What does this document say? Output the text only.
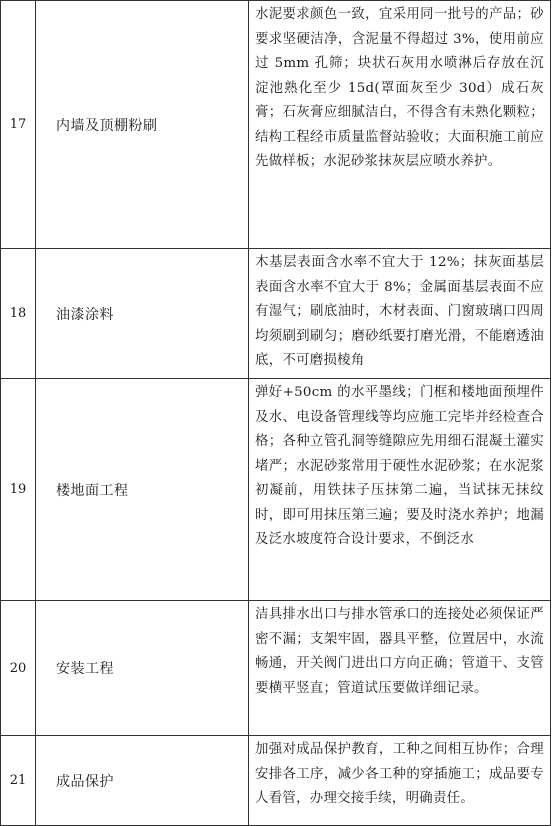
17	内墙及顶棚粉刷	水泥要求颜色一致，宜采用同一批号的产品；砂要求坚硬洁净，含泥量不得超过 3%，使用前应过 5mm 孔筛；块状石灰用水喷淋后存放在沉淀池熟化至少 15d(罩面灰至少 30d）成石灰膏；石灰膏应细腻洁白，不得含有未熟化颗粒；结构工程经市质量监督站验收；大面积施工前应先做样板；水泥砂浆抹灰层应喷水养护。
18	油漆涂料	木基层表面含水率不宜大于 12%；抹灰面基层表面含水率不宜大于 8%；金属面基层表面不应有湿气；刷底油时，木材表面、门窗玻璃口四周均须刷到刷匀；磨砂纸要打磨光滑，不能磨透油底，不可磨损棱角
19	楼地面工程	弹好+50cm 的水平墨线；门框和楼地面预埋件及水、电设备管理线等均应施工完毕并经检查合格；各种立管孔洞等缝隙应先用细石混凝土灌实堵严；水泥砂浆常用于硬性水泥砂浆；在水泥浆初凝前，用铁抹子压抹第二遍，当试抹无抹纹时，即可用抹压第三遍；要及时浇水养护；地漏及泛水坡度符合设计要求，不倒泛水
20	安装工程	洁具排水出口与排水管承口的连接处必须保证严密不漏；支架牢固，器具平整，位置居中，水流畅通，开关阀门进出口方向正确；管道干、支管要横平竖直；管道试压要做详细记录。
21	成品保护	加强对成品保护教育，工种之间相互协作；合理安排各工序，减少各工种的穿插施工；成品要专人看管，办理交接手续，明确责任。
